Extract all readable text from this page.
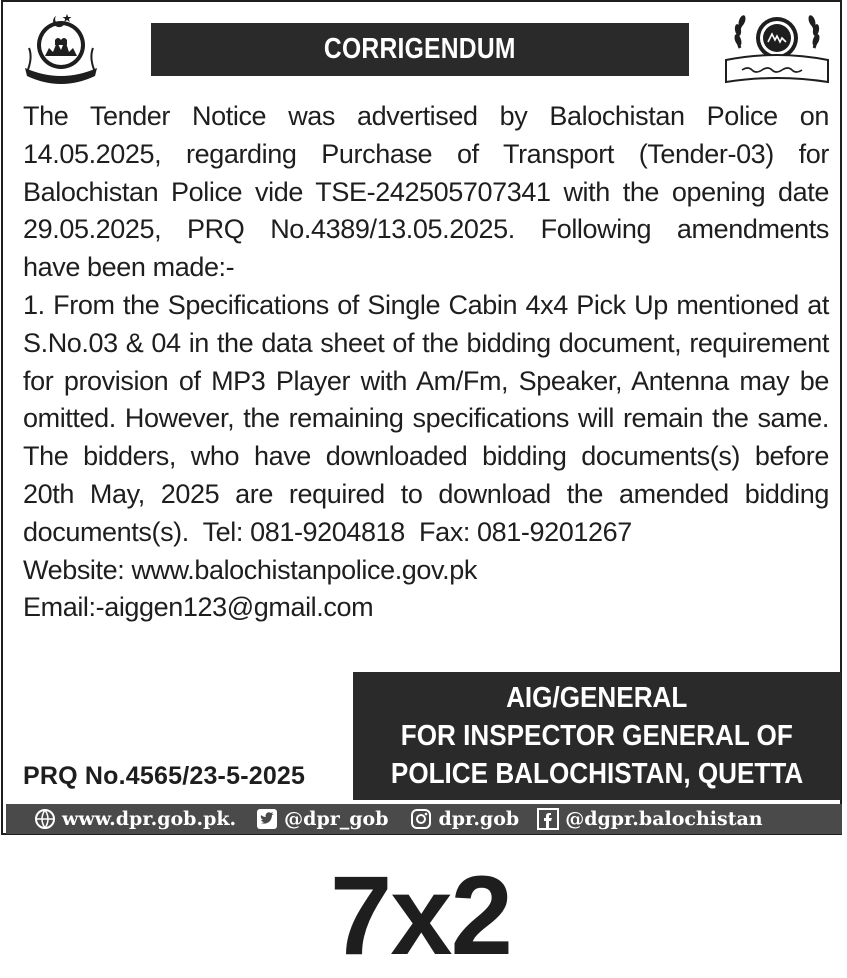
CORRIGENDUM
The Tender Notice was advertised by Balochistan Police on
14.05.2025, regarding Purchase of Transport (Tender-03) for
Balochistan Police vide TSE-242505707341 with the opening date
29.05.2025, PRQ No.4389/13.05.2025. Following amendments
have been made:-
1. From the Specifications of Single Cabin 4x4 Pick Up mentioned at
S.No.03 & 04 in the data sheet of the bidding document, requirement
for provision of MP3 Player with Am/Fm, Speaker, Antenna may be
omitted. However, the remaining specifications will remain the same.
The bidders, who have downloaded bidding documents(s) before
20th May, 2025 are required to download the amended bidding
documents(s).  Tel: 081-9204818  Fax: 081-9201267
Website: www.balochistanpolice.gov.pk
Email:-aiggen123@gmail.com
AIG/GENERAL
FOR INSPECTOR GENERAL OF
POLICE BALOCHISTAN, QUETTA
PRQ No.4565/23-5-2025
www.dpr.gob.pk.	@dpr_gob	dpr.gob @dgpr.balochistan
7x2
